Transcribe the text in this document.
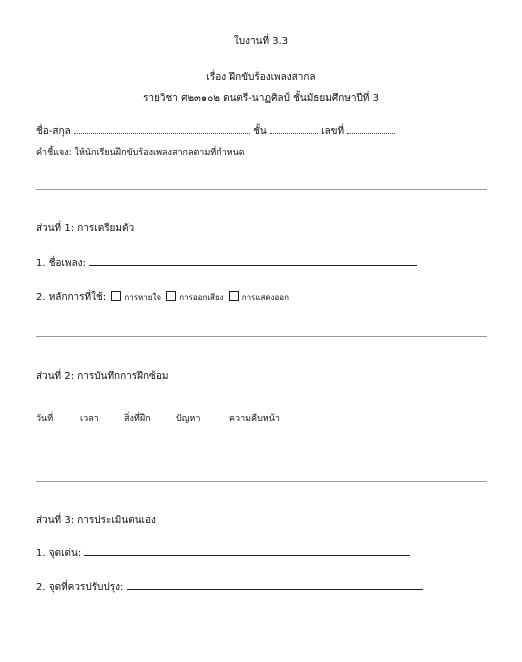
ใบงานที่ 3.3
เรื่อง ฝึกขับร้องเพลงสากล
รายวิชา ศ๒๓๑๐๒ ดนตรี-นาฏศิลป์ ชั้นมัธยมศึกษาปีที่ 3
ชื่อ-สกุล	ชั้น	เลขที่
คำชี้แจง: ให้นักเรียนฝึกขับร้องเพลงสากลตามที่กำหนด
ส่วนที่ 1: การเตรียมตัว
1. ชื่อเพลง:
2. หลักการที่ใช้: การหายใจ การออกเสียง การแสดงออก
ส่วนที่ 2: การบันทึกการฝึกซ้อม
วันที่	เวลา	สิ่งที่ฝึก	ปัญหา	ความคืบหน้า
ส่วนที่ 3: การประเมินตนเอง
1. จุดเด่น:
2. จุดที่ควรปรับปรุง:
